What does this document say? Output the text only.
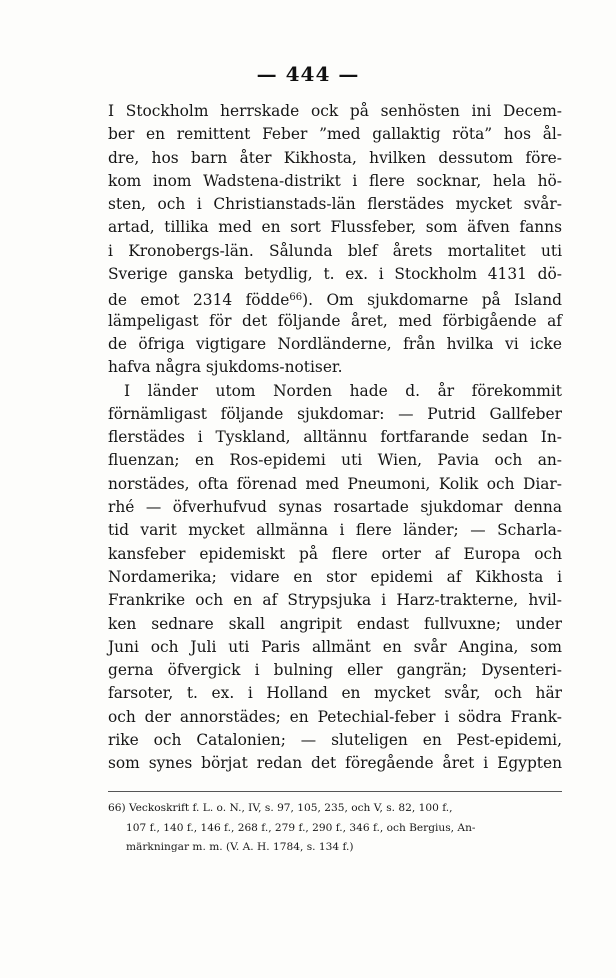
— 444 —
I Stockholm herrskade ock på senhösten ini Decem-
ber en remittent Feber ”med gallaktig röta” hos ål-
dre, hos barn åter Kikhosta, hvilken dessutom före-
kom inom Wadstena-distrikt i flere socknar, hela hö-
sten, och i Christianstads-län flerstädes mycket svår-
artad, tillika med en sort Flussfeber, som äfven fanns
i Kronobergs-län. Sålunda blef årets mortalitet uti
Sverige ganska betydlig, t. ex. i Stockholm 4131 dö-
de emot 2314 födde$^{66}$). Om sjukdomarne på Island
lämpeligast för det följande året, med förbigående af
de öfriga vigtigare Nordländerne, från hvilka vi icke
hafva några sjukdoms-notiser.
I länder utom Norden hade d. år förekommit
förnämligast följande sjukdomar: — Putrid Gallfeber
flerstädes i Tyskland, alltännu fortfarande sedan In-
fluenzan; en Ros-epidemi uti Wien, Pavia och an-
norstädes, ofta förenad med Pneumoni, Kolik och Diar-
rhé — öfverhufvud synas rosartade sjukdomar denna
tid varit mycket allmänna i flere länder; — Scharla-
kansfeber epidemiskt på flere orter af Europa och
Nordamerika; vidare en stor epidemi af Kikhosta i
Frankrike och en af Strypsjuka i Harz-trakterne, hvil-
ken sednare skall angripit endast fullvuxne; under
Juni och Juli uti Paris allmänt en svår Angina, som
gerna öfvergick i bulning eller gangrän; Dysenteri-
farsoter, t. ex. i Holland en mycket svår, och här
och der annorstädes; en Petechial-feber i södra Frank-
rike och Catalonien; — sluteligen en Pest-epidemi,
som synes börjat redan det föregående året i Egypten
66) Veckoskrift f. L. o. N., IV, s. 97, 105, 235, och V, s. 82, 100 f.,
107 f., 140 f., 146 f., 268 f., 279 f., 290 f., 346 f., och Bergius, An-
märkningar m. m. (V. A. H. 1784, s. 134 f.)
